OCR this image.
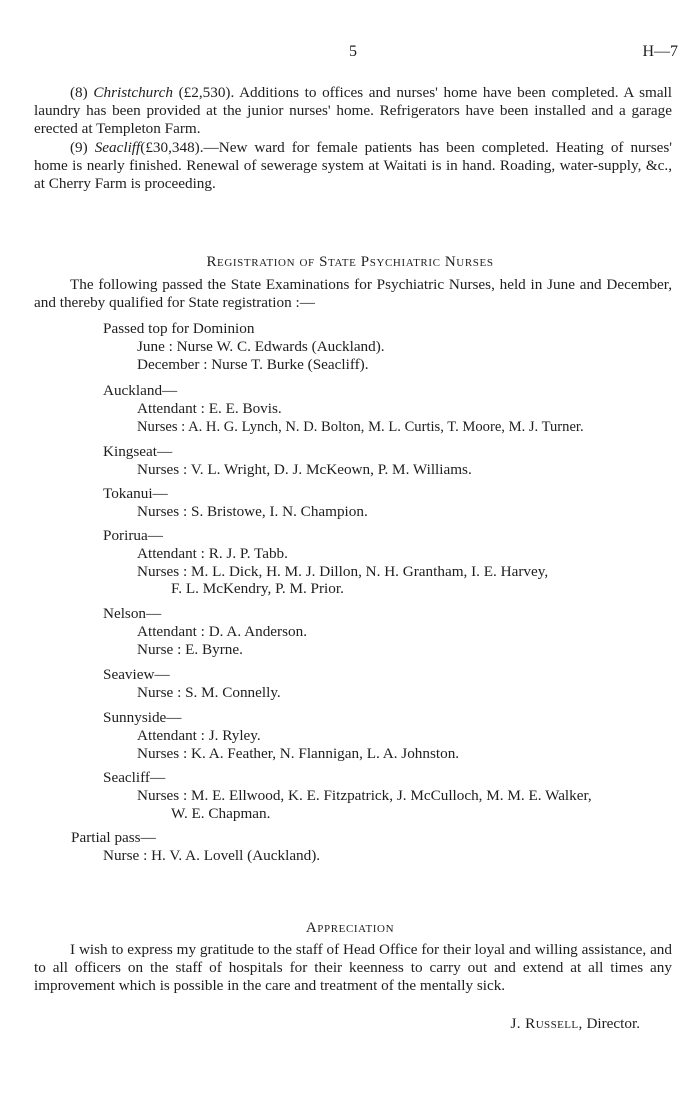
5	H—7

(8) Christchurch (£2,530). Additions to offices and nurses' home have been completed. A small laundry has been provided at the junior nurses' home. Refrigerators have been installed and a garage erected at Templeton Farm.

(9) Seacliff(£30,348).—New ward for female patients has been completed. Heating of nurses' home is nearly finished. Renewal of sewerage system at Waitati is in hand. Roading, water-supply, &c., at Cherry Farm is proceeding.

Registration of State Psychiatric Nurses

The following passed the State Examinations for Psychiatric Nurses, held in June and December, and thereby qualified for State registration :—

Passed top for Dominion
June : Nurse W. C. Edwards (Auckland).
December : Nurse T. Burke (Seacliff).
Auckland—
Attendant : E. E. Bovis.
Nurses : A. H. G. Lynch, N. D. Bolton, M. L. Curtis, T. Moore, M. J. Turner.
Kingseat—
Nurses : V. L. Wright, D. J. McKeown, P. M. Williams.
Tokanui—
Nurses : S. Bristowe, I. N. Champion.
Porirua—
Attendant : R. J. P. Tabb.
Nurses : M. L. Dick, H. M. J. Dillon, N. H. Grantham, I. E. Harvey,
F. L. McKendry, P. M. Prior.
Nelson—
Attendant : D. A. Anderson.
Nurse : E. Byrne.
Seaview—
Nurse : S. M. Connelly.
Sunnyside—
Attendant : J. Ryley.
Nurses : K. A. Feather, N. Flannigan, L. A. Johnston.
Seacliff—
Nurses : M. E. Ellwood, K. E. Fitzpatrick, J. McCulloch, M. M. E. Walker,
W. E. Chapman.
Partial pass—
Nurse : H. V. A. Lovell (Auckland).
Appreciation

I wish to express my gratitude to the staff of Head Office for their loyal and willing assistance, and to all officers on the staff of hospitals for their keenness to carry out and extend at all times any improvement which is possible in the care and treatment of the mentally sick.

J. Russell, Director.
